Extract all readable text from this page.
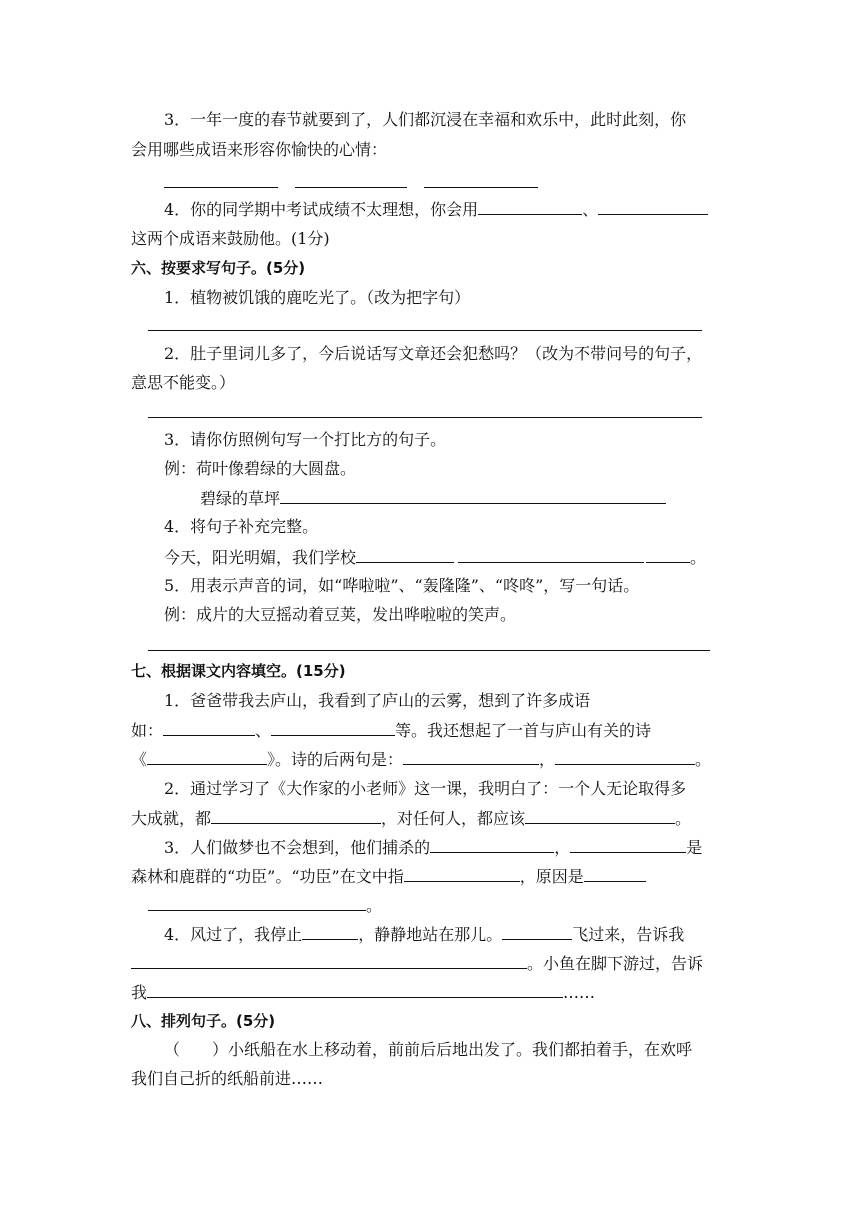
3．一年一度的春节就要到了，人们都沉浸在幸福和欢乐中，此时此刻，你
会用哪些成语来形容你愉快的心情：
4．你的同学期中考试成绩不太理想，你会用	、
这两个成语来鼓励他。(1分)
六、按要求写句子。(5分)
1．植物被饥饿的鹿吃光了。（改为把字句）
2．肚子里词儿多了，今后说话写文章还会犯愁吗？（改为不带问号的句子，
意思不能变。）
3．请你仿照例句写一个打比方的句子。
例：荷叶像碧绿的大圆盘。
碧绿的草坪
4．将句子补充完整。
今天，阳光明媚，我们学校	。
5．用表示声音的词，如“哗啦啦”、“轰隆隆”、“咚咚”，写一句话。
例：成片的大豆摇动着豆荚，发出哗啦啦的笑声。
七、根据课文内容填空。(15分)
1．爸爸带我去庐山，我看到了庐山的云雾，想到了许多成语
如：	、	等。我还想起了一首与庐山有关的诗
《	》。诗的后两句是：	，	。
2．通过学习了《大作家的小老师》这一课，我明白了：一个人无论取得多
大成就，都	，对任何人，都应该	。
3．人们做梦也不会想到，他们捕杀的	，	是
森林和鹿群的“功臣”。“功臣”在文中指	，原因是
。
4．风过了，我停止	，静静地站在那儿。	飞过来，告诉我
。小鱼在脚下游过，告诉
我	……
八、排列句子。(5分)
（　　）小纸船在水上移动着，前前后后地出发了。我们都拍着手，在欢呼
我们自己折的纸船前进……
